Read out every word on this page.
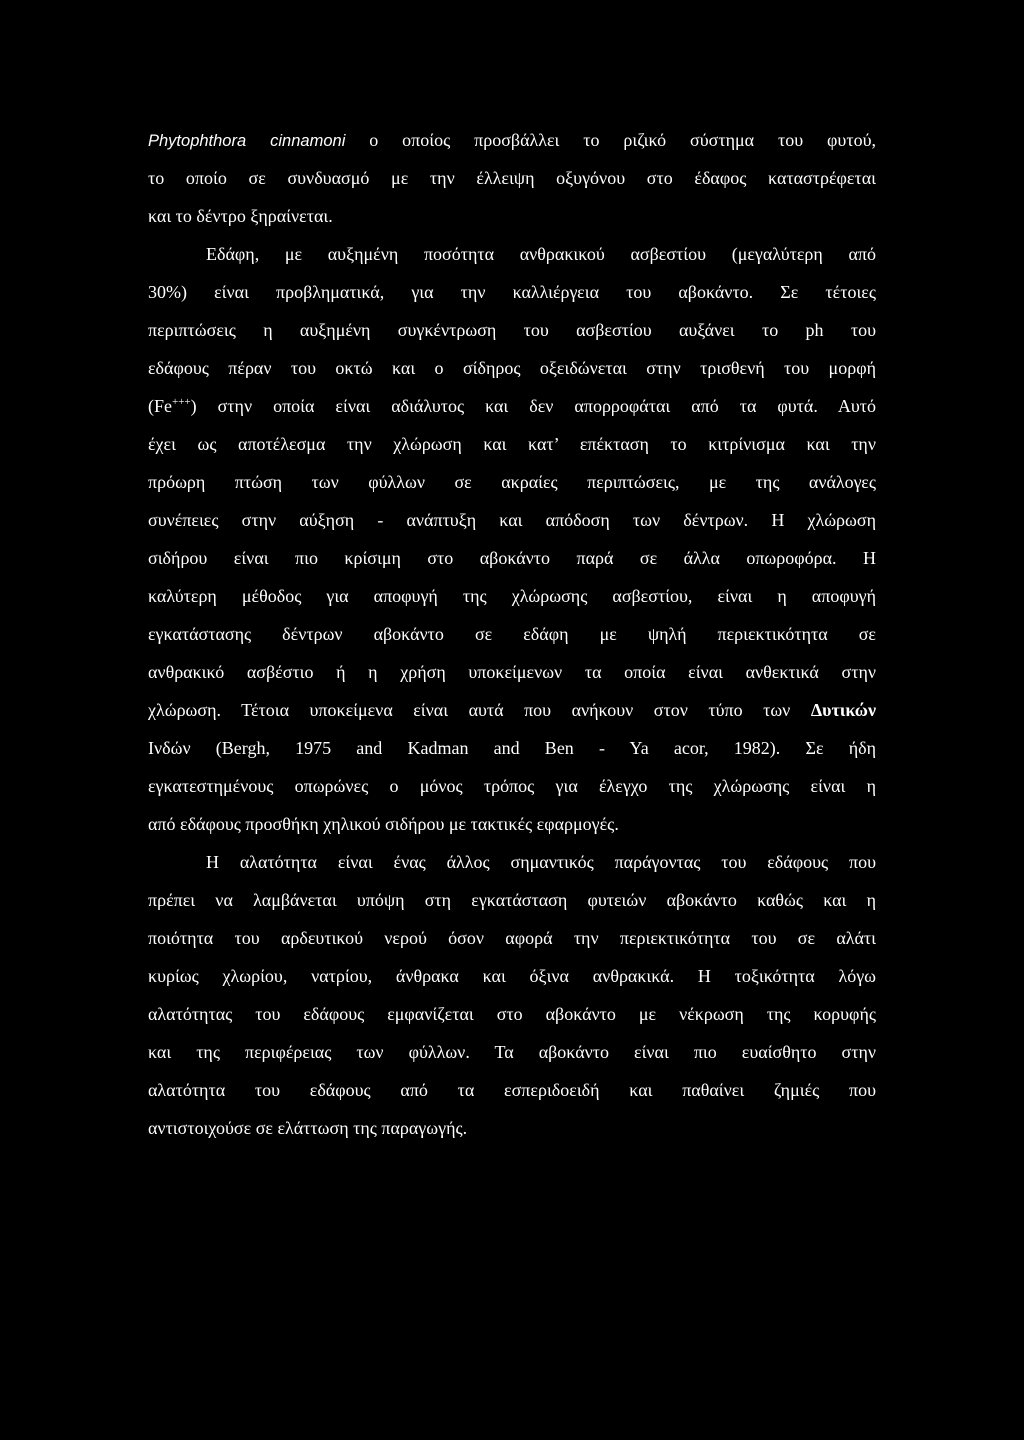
Phytophthora cinnamoni ο οποίος προσβάλλει το ριζικό σύστημα του φυτού,
το οποίο σε συνδυασμό με την έλλειψη οξυγόνου στο έδαφος καταστρέφεται
και το δέντρο ξηραίνεται.
Εδάφη, με αυξημένη ποσότητα ανθρακικού ασβεστίου (μεγαλύτερη από
30%) είναι προβληματικά, για την καλλιέργεια του αβοκάντο. Σε τέτοιες
περιπτώσεις η αυξημένη συγκέντρωση του ασβεστίου αυξάνει το ph του
εδάφους πέραν του οκτώ και ο σίδηρος οξειδώνεται στην τρισθενή του μορφή
(Fe+++) στην οποία είναι αδιάλυτος και δεν απορροφάται από τα φυτά. Αυτό
έχει ως αποτέλεσμα την χλώρωση και κατ’ επέκταση το κιτρίνισμα και την
πρόωρη πτώση των φύλλων σε ακραίες περιπτώσεις, με της ανάλογες
συνέπειες στην αύξηση - ανάπτυξη και απόδοση των δέντρων. Η χλώρωση
σιδήρου είναι πιο κρίσιμη στο αβοκάντο παρά σε άλλα οπωροφόρα. Η
καλύτερη μέθοδος για αποφυγή της χλώρωσης ασβεστίου, είναι η αποφυγή
εγκατάστασης δέντρων αβοκάντο σε εδάφη με ψηλή περιεκτικότητα σε
ανθρακικό ασβέστιο ή η χρήση υποκείμενων τα οποία είναι ανθεκτικά στην
χλώρωση. Τέτοια υποκείμενα είναι αυτά που ανήκουν στον τύπο των Δυτικών
Ινδών (Bergh, 1975 and Kadman and Ben - Ya acor, 1982). Σε ήδη
εγκατεστημένους οπωρώνες ο μόνος τρόπος για έλεγχο της χλώρωσης είναι η
από εδάφους προσθήκη χηλικού σιδήρου με τακτικές εφαρμογές.
Η αλατότητα είναι ένας άλλος σημαντικός παράγοντας του εδάφους που
πρέπει να λαμβάνεται υπόψη στη εγκατάσταση φυτειών αβοκάντο καθώς και η
ποιότητα του αρδευτικού νερού όσον αφορά την περιεκτικότητα του σε αλάτι
κυρίως χλωρίου, νατρίου, άνθρακα και όξινα ανθρακικά. Η τοξικότητα λόγω
αλατότητας του εδάφους εμφανίζεται στο αβοκάντο με νέκρωση της κορυφής
και της περιφέρειας των φύλλων. Τα αβοκάντο είναι πιο ευαίσθητο στην
αλατότητα του εδάφους από τα εσπεριδοειδή και παθαίνει ζημιές που
αντιστοιχούσε σε ελάττωση της παραγωγής.
